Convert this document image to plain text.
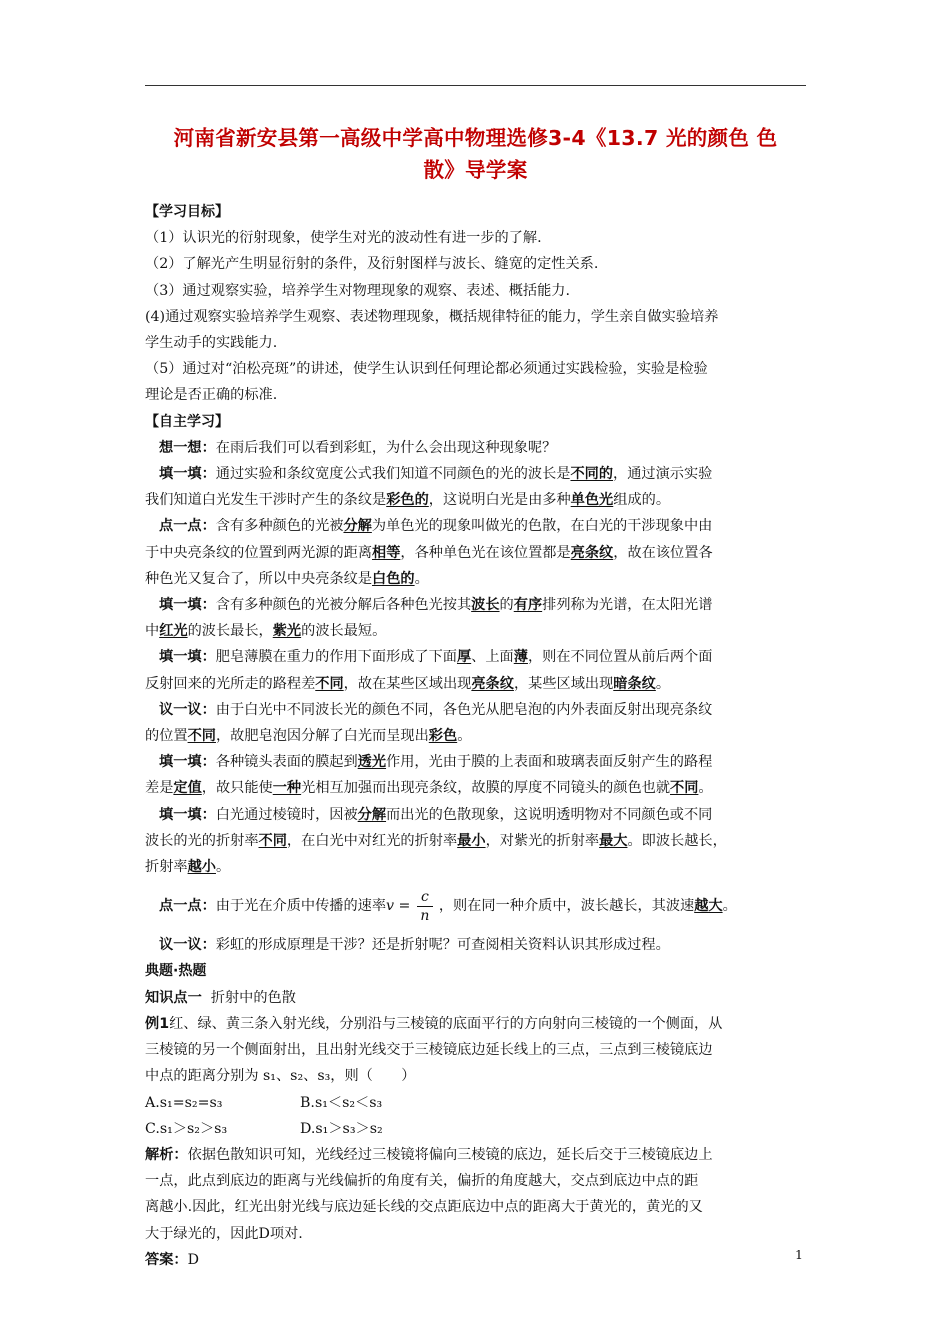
河南省新安县第一高级中学高中物理选修3-4《13.7 光的颜色 色
散》导学案
【学习目标】
（1）认识光的衍射现象，使学生对光的波动性有进一步的了解.
（2）了解光产生明显衍射的条件，及衍射图样与波长、缝宽的定性关系.
（3）通过观察实验，培养学生对物理现象的观察、表述、概括能力.
(4)通过观察实验培养学生观察、表述物理现象，概括规律特征的能力，学生亲自做实验培养
学生动手的实践能力.
（5）通过对“泊松亮斑”的讲述，使学生认识到任何理论都必须通过实践检验，实验是检验
理论是否正确的标准.
【自主学习】
想一想：在雨后我们可以看到彩虹，为什么会出现这种现象呢？
填一填：通过实验和条纹宽度公式我们知道不同颜色的光的波长是不同的，通过演示实验
我们知道白光发生干涉时产生的条纹是彩色的，这说明白光是由多种单色光组成的。
点一点：含有多种颜色的光被分解为单色光的现象叫做光的色散，在白光的干涉现象中由
于中央亮条纹的位置到两光源的距离相等，各种单色光在该位置都是亮条纹，故在该位置各
种色光又复合了，所以中央亮条纹是白色的。
填一填：含有多种颜色的光被分解后各种色光按其波长的有序排列称为光谱，在太阳光谱
中红光的波长最长，紫光的波长最短。
填一填：肥皂薄膜在重力的作用下面形成了下面厚、上面薄，则在不同位置从前后两个面
反射回来的光所走的路程差不同，故在某些区域出现亮条纹，某些区域出现暗条纹。
议一议：由于白光中不同波长光的颜色不同，各色光从肥皂泡的内外表面反射出现亮条纹
的位置不同，故肥皂泡因分解了白光而呈现出彩色。
填一填：各种镜头表面的膜起到透光作用，光由于膜的上表面和玻璃表面反射产生的路程
差是定值，故只能使一种光相互加强而出现亮条纹，故膜的厚度不同镜头的颜色也就不同。
填一填：白光通过棱镜时，因被分解而出光的色散现象，这说明透明物对不同颜色或不同
波长的光的折射率不同，在白光中对红光的折射率最小，对紫光的折射率最大。即波长越长，
折射率越小。
点一点：由于光在介质中传播的速率$v = \frac{c}{n}$ ，则在同一种介质中，波长越长，其波速越大。
议一议：彩虹的形成原理是干涉？还是折射呢？可查阅相关资料认识其形成过程。
典题·热题
知识点一 折射中的色散
例1红、绿、黄三条入射光线，分别沿与三棱镜的底面平行的方向射向三棱镜的一个侧面，从
三棱镜的另一个侧面射出，且出射光线交于三棱镜底边延长线上的三点，三点到三棱镜底边
中点的距离分别为 s₁、s₂、s₃，则（　　）
A.s₁=s₂=s₃	B.s₁＜s₂＜s₃
C.s₁＞s₂＞s₃	D.s₁＞s₃＞s₂
解析：依据色散知识可知，光线经过三棱镜将偏向三棱镜的底边，延长后交于三棱镜底边上
一点，此点到底边的距离与光线偏折的角度有关，偏折的角度越大，交点到底边中点的距
离越小.因此，红光出射光线与底边延长线的交点距底边中点的距离大于黄光的，黄光的又
大于绿光的，因此D项对.
答案：D	1
